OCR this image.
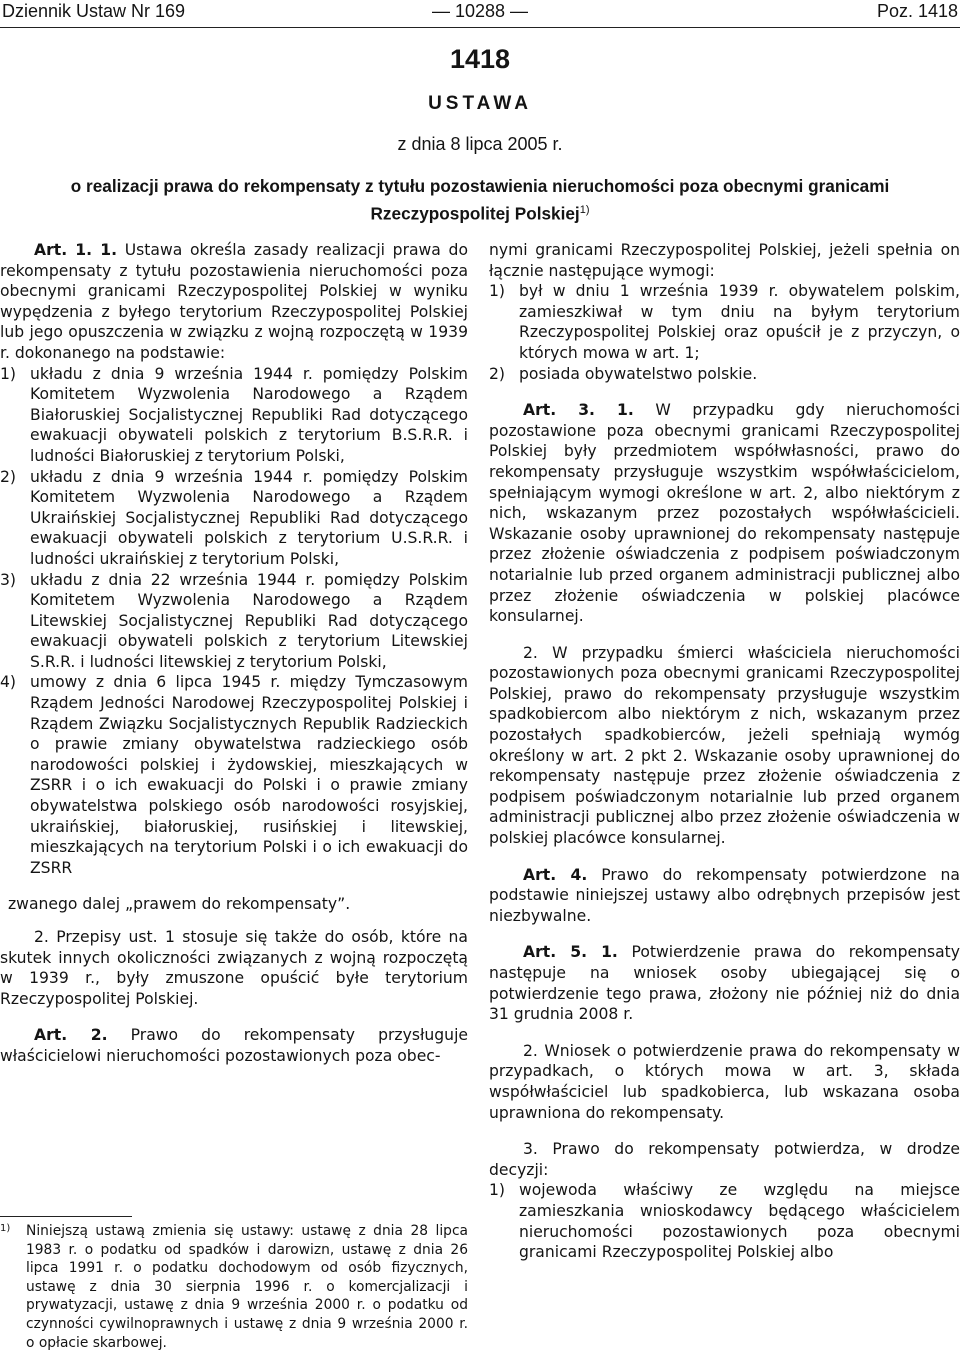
Dziennik Ustaw Nr 169	— 10288 —	Poz. 1418
1418
USTAWA
z dnia 8 lipca 2005 r.
o realizacji prawa do rekompensaty z tytułu pozostawienia nieruchomości poza obecnymi granicami
Rzeczypospolitej Polskiej$^{1)}$

Art. 1. 1. Ustawa określa zasady realizacji prawa do rekompensaty z tytułu pozostawienia nieruchomości poza obecnymi granicami Rzeczypospolitej Polskiej w wyniku wypędzenia z byłego terytorium Rzeczypospolitej Polskiej lub jego opuszczenia w związku z wojną rozpoczętą w 1939 r. dokonanego na podstawie:

1) układu z dnia 9 września 1944 r. pomiędzy Polskim Komitetem Wyzwolenia Narodowego a Rządem Białoruskiej Socjalistycznej Republiki Rad dotyczącego ewakuacji obywateli polskich z terytorium B.S.R.R. i ludności Białoruskiej z terytorium Polski,
2) układu z dnia 9 września 1944 r. pomiędzy Polskim Komitetem Wyzwolenia Narodowego a Rządem Ukraińskiej Socjalistycznej Republiki Rad dotyczącego ewakuacji obywateli polskich z terytorium U.S.R.R. i ludności ukraińskiej z terytorium Polski,
3) układu z dnia 22 września 1944 r. pomiędzy Polskim Komitetem Wyzwolenia Narodowego a Rządem Litewskiej Socjalistycznej Republiki Rad dotyczącego ewakuacji obywateli polskich z terytorium Litewskiej S.R.R. i ludności litewskiej z terytorium Polski,
4) umowy z dnia 6 lipca 1945 r. między Tymczasowym Rządem Jedności Narodowej Rzeczypospolitej Polskiej i Rządem Związku Socjalistycznych Republik Radzieckich o prawie zmiany obywatelstwa radzieckiego osób narodowości polskiej i żydowskiej, mieszkających w ZSRR i o ich ewakuacji do Polski i o prawie zmiany obywatelstwa polskiego osób narodowości rosyjskiej, ukraińskiej, białoruskiej, rusińskiej i litewskiej, mieszkających na terytorium Polski i o ich ewakuacji do ZSRR

zwanego dalej „prawem do rekompensaty”.

2. Przepisy ust. 1 stosuje się także do osób, które na skutek innych okoliczności związanych z wojną rozpoczętą w 1939 r., były zmuszone opuścić byłe terytorium Rzeczypospolitej Polskiej.

Art. 2. Prawo do rekompensaty przysługuje właścicielowi nieruchomości pozostawionych poza obec-

nymi granicami Rzeczypospolitej Polskiej, jeżeli spełnia on łącznie następujące wymogi:

1) był w dniu 1 września 1939 r. obywatelem polskim, zamieszkiwał w tym dniu na byłym terytorium Rzeczypospolitej Polskiej oraz opuścił je z przyczyn, o których mowa w art. 1;
2) posiada obywatelstwo polskie.

Art. 3. 1. W przypadku gdy nieruchomości pozostawione poza obecnymi granicami Rzeczypospolitej Polskiej były przedmiotem współwłasności, prawo do rekompensaty przysługuje wszystkim współwłaścicielom, spełniającym wymogi określone w art. 2, albo niektórym z nich, wskazanym przez pozostałych współwłaścicieli. Wskazanie osoby uprawnionej do rekompensaty następuje przez złożenie oświadczenia z podpisem poświadczonym notarialnie lub przed organem administracji publicznej albo przez złożenie oświadczenia w polskiej placówce konsularnej.

2. W przypadku śmierci właściciela nieruchomości pozostawionych poza obecnymi granicami Rzeczypospolitej Polskiej, prawo do rekompensaty przysługuje wszystkim spadkobiercom albo niektórym z nich, wskazanym przez pozostałych spadkobierców, jeżeli spełniają wymóg określony w art. 2 pkt 2. Wskazanie osoby uprawnionej do rekompensaty następuje przez złożenie oświadczenia z podpisem poświadczonym notarialnie lub przed organem administracji publicznej albo przez złożenie oświadczenia w polskiej placówce konsularnej.

Art. 4. Prawo do rekompensaty potwierdzone na podstawie niniejszej ustawy albo odrębnych przepisów jest niezbywalne.

Art. 5. 1. Potwierdzenie prawa do rekompensaty następuje na wniosek osoby ubiegającej się o potwierdzenie tego prawa, złożony nie później niż do dnia 31 grudnia 2008 r.

2. Wniosek o potwierdzenie prawa do rekompensaty w przypadkach, o których mowa w art. 3, składa współwłaściciel lub spadkobierca, lub wskazana osoba uprawniona do rekompensaty.

3. Prawo do rekompensaty potwierdza, w drodze decyzji:

1) wojewoda właściwy ze względu na miejsce zamieszkania wnioskodawcy będącego właścicielem nieruchomości pozostawionych poza obecnymi granicami Rzeczypospolitej Polskiej albo
1)	Niniejszą ustawą zmienia się ustawy: ustawę z dnia 28 lipca 1983 r. o podatku od spadków i darowizn, ustawę z dnia 26 lipca 1991 r. o podatku dochodowym od osób fizycznych, ustawę z dnia 30 sierpnia 1996 r. o komercjalizacji i prywatyzacji, ustawę z dnia 9 września 2000 r. o podatku od czynności cywilnoprawnych i ustawę z dnia 9 września 2000 r. o opłacie skarbowej.
